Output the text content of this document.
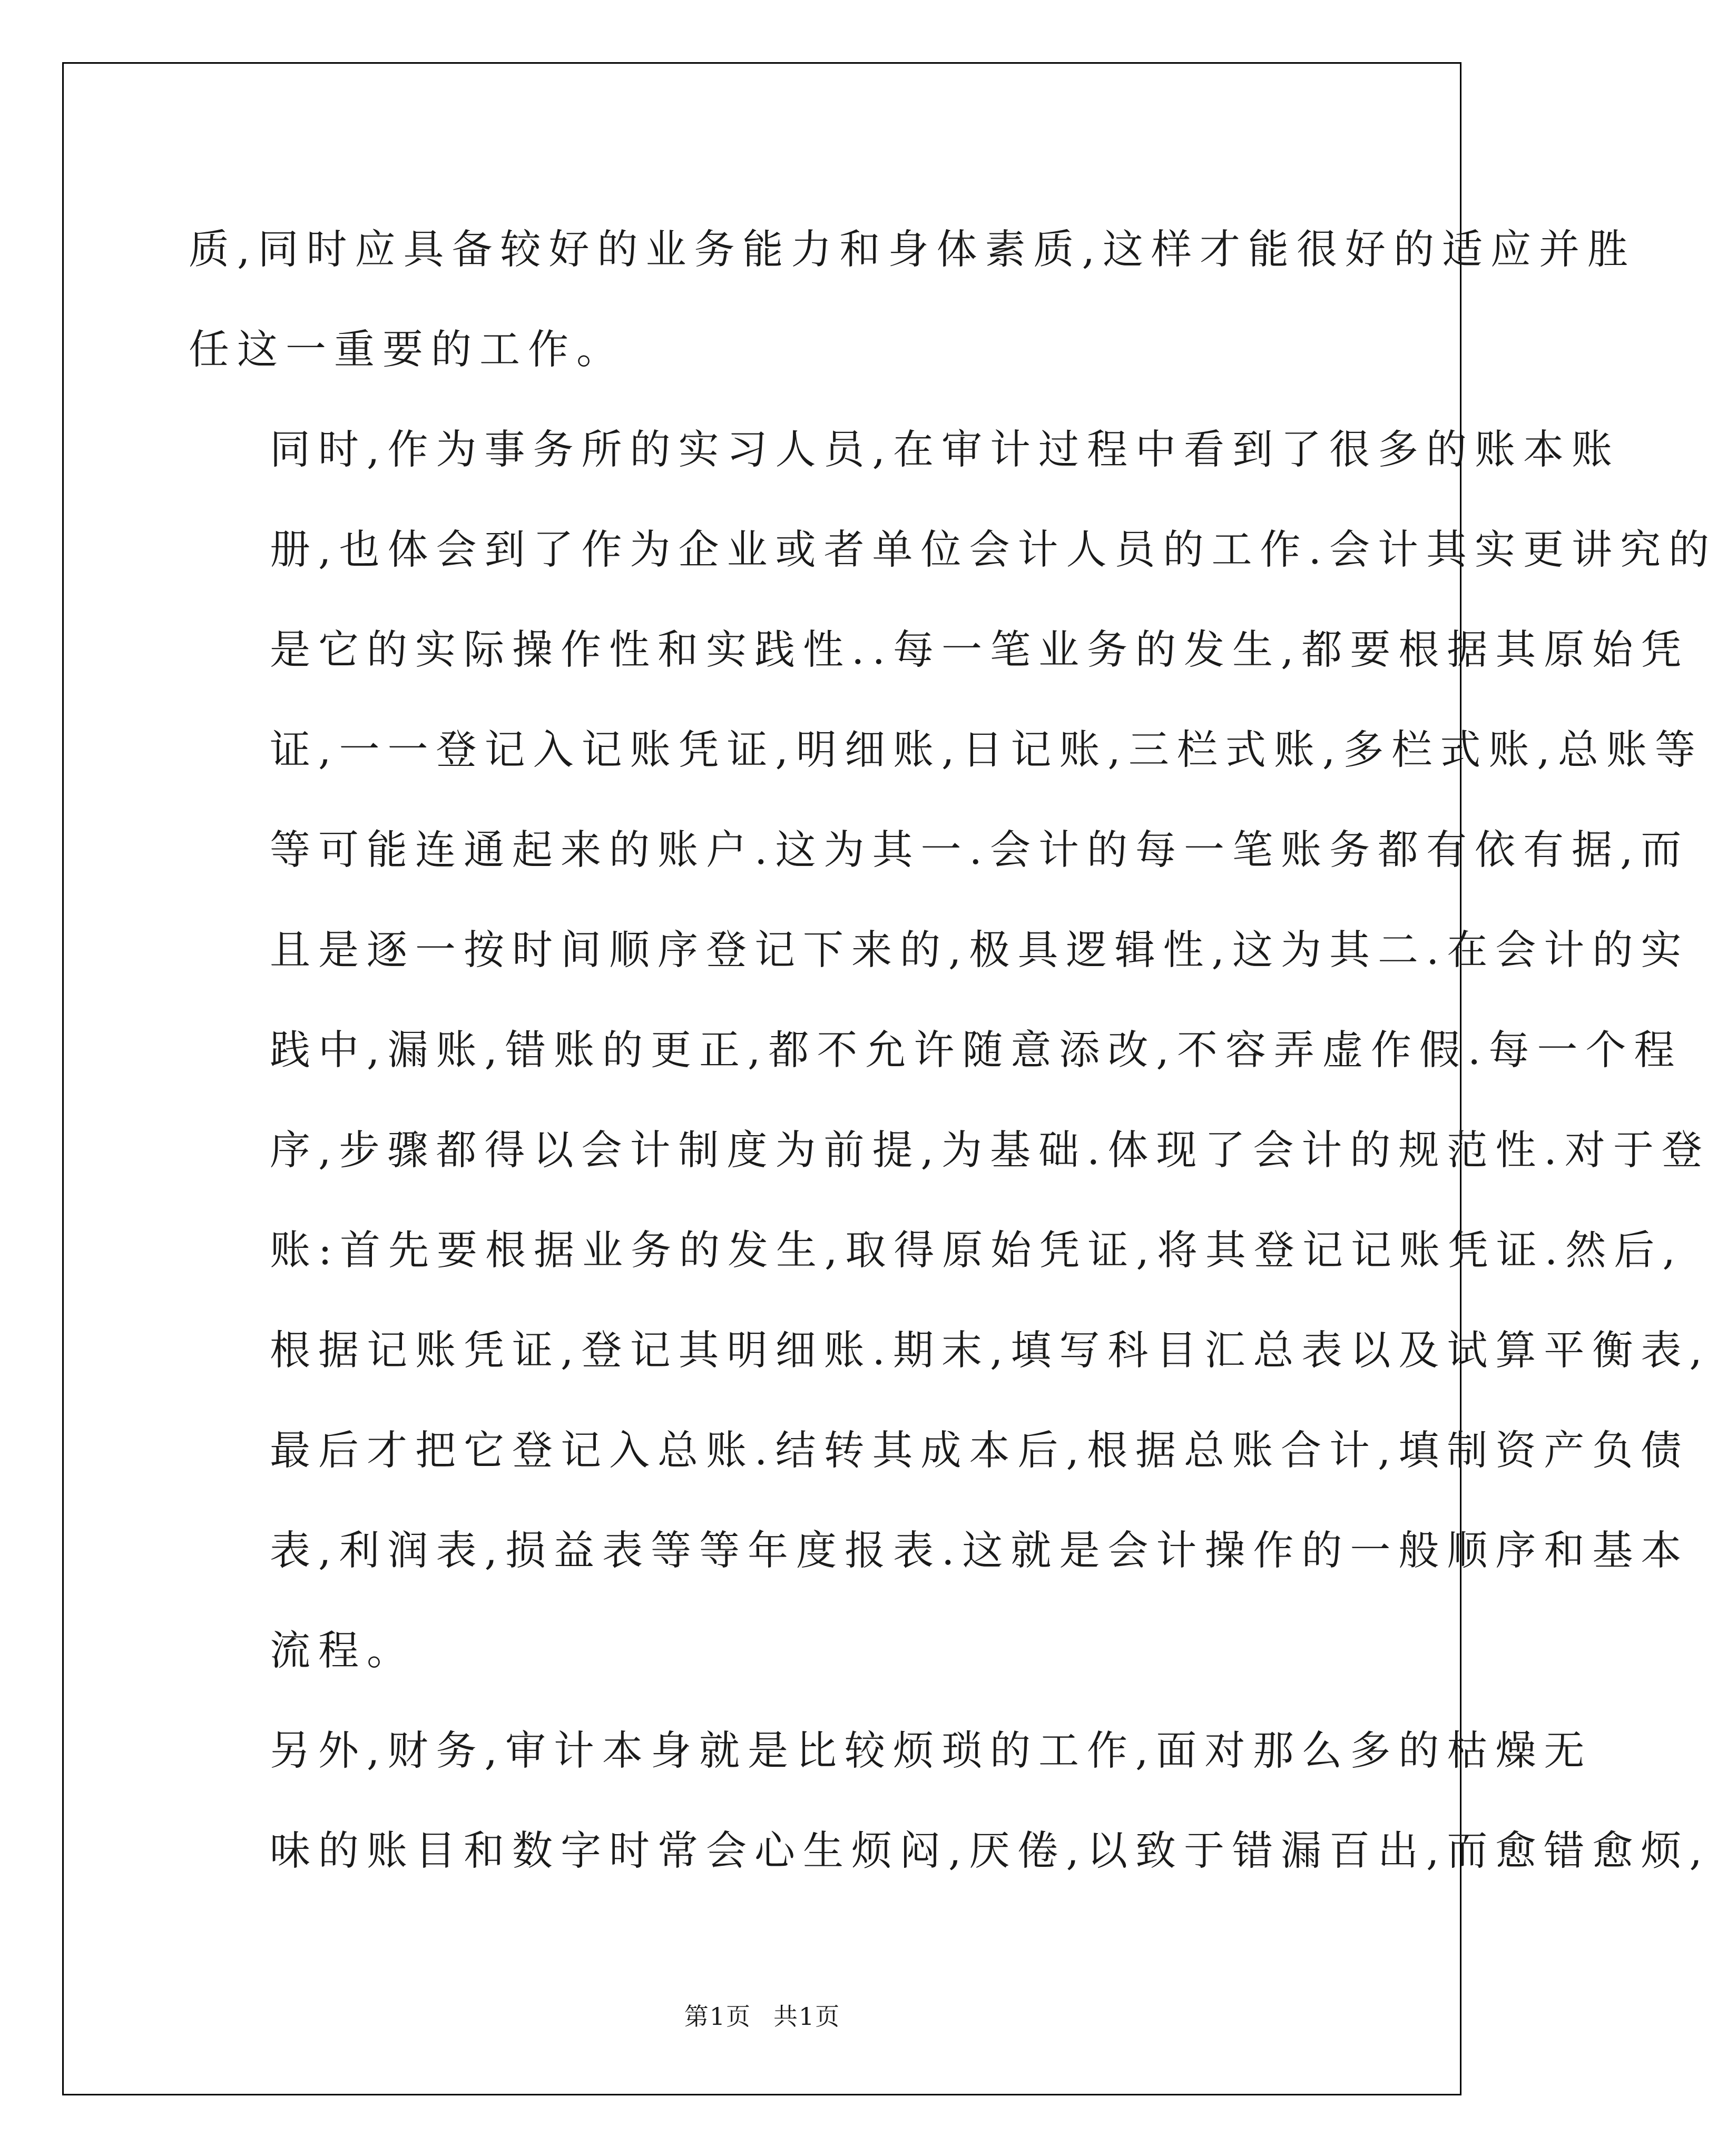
质,同时应具备较好的业务能力和身体素质,这样才能很好的适应并胜
任这一重要的工作。

同时,作为事务所的实习人员,在审计过程中看到了很多的账本账

册,也体会到了作为企业或者单位会计人员的工作.会计其实更讲究的
是它的实际操作性和实践性..每一笔业务的发生,都要根据其原始凭
证,一一登记入记账凭证,明细账,日记账,三栏式账,多栏式账,总账等
等可能连通起来的账户.这为其一.会计的每一笔账务都有依有据,而
且是逐一按时间顺序登记下来的,极具逻辑性,这为其二.在会计的实
践中,漏账,错账的更正,都不允许随意添改,不容弄虚作假.每一个程
序,步骤都得以会计制度为前提,为基础.体现了会计的规范性.对于登
账:首先要根据业务的发生,取得原始凭证,将其登记记账凭证.然后,
根据记账凭证,登记其明细账.期末,填写科目汇总表以及试算平衡表,
最后才把它登记入总账.结转其成本后,根据总账合计,填制资产负债
表,利润表,损益表等等年度报表.这就是会计操作的一般顺序和基本
流程。

另外,财务,审计本身就是比较烦琐的工作,面对那么多的枯燥无

味的账目和数字时常会心生烦闷,厌倦,以致于错漏百出,而愈错愈烦,

第1页 共1页
